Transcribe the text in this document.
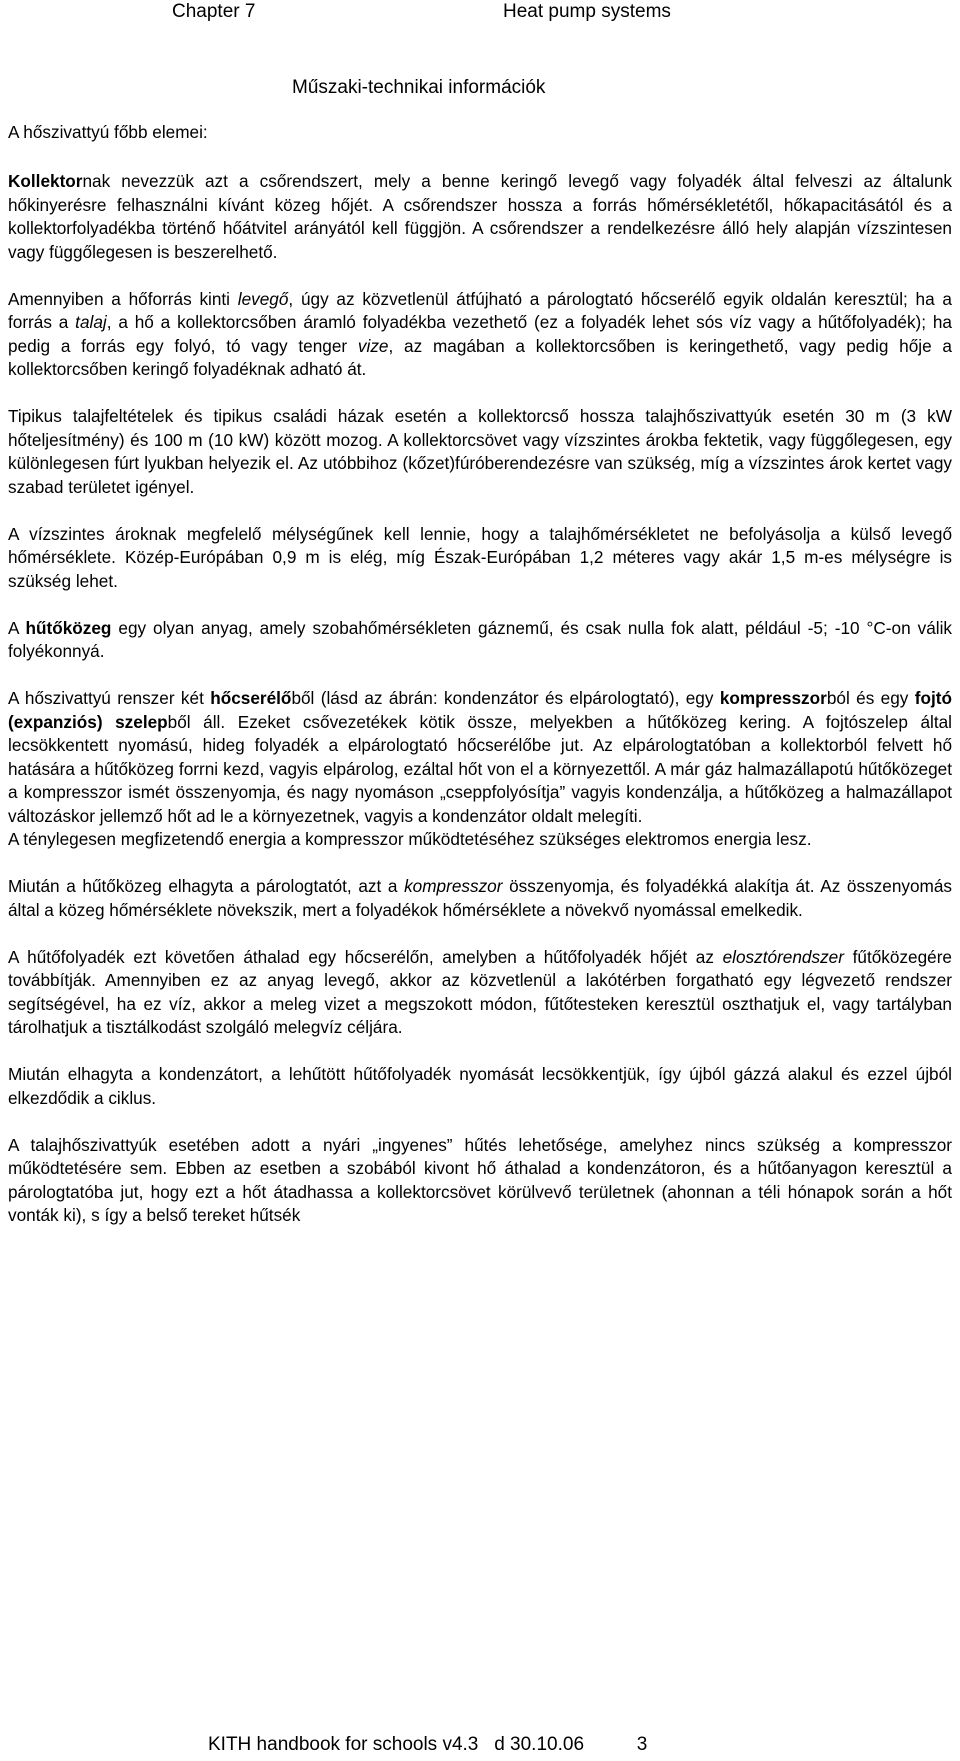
Chapter 7	Heat pump systems
Műszaki-technikai információk
A hőszivattyú főbb elemei:

Kollektornak nevezzük azt a csőrendszert, mely a benne keringő levegő vagy folyadék által felveszi az általunk hőkinyerésre felhasználni kívánt közeg hőjét. A csőrendszer hossza a forrás hőmérsékletétől, hőkapacitásától és a kollektorfolyadékba történő hőátvitel arányától kell függjön. A csőrendszer a rendelkezésre álló hely alapján vízszintesen vagy függőlegesen is beszerelhető.

Amennyiben a hőforrás kinti levegő, úgy az közvetlenül átfújható a párologtató hőcserélő egyik oldalán keresztül; ha a forrás a talaj, a hő a kollektorcsőben áramló folyadékba vezethető (ez a folyadék lehet sós víz vagy a hűtőfolyadék); ha pedig a forrás egy folyó, tó vagy tenger vize, az magában a kollektorcsőben is keringethető, vagy pedig hője a kollektorcsőben keringő folyadéknak adható át.

Tipikus talajfeltételek és tipikus családi házak esetén a kollektorcső hossza talajhőszivattyúk esetén 30 m (3 kW hőteljesítmény) és 100 m (10 kW) között mozog. A kollektorcsövet vagy vízszintes árokba fektetik, vagy függőlegesen, egy különlegesen fúrt lyukban helyezik el. Az utóbbihoz (kőzet)fúróberendezésre van szükség, míg a vízszintes árok kertet vagy szabad területet igényel.

A vízszintes ároknak megfelelő mélységűnek kell lennie, hogy a talajhőmérsékletet ne befolyásolja a külső levegő hőmérséklete. Közép-Európában 0,9 m is elég, míg Észak-Európában 1,2 méteres vagy akár 1,5 m-es mélységre is szükség lehet.

A hűtőközeg egy olyan anyag, amely szobahőmérsékleten gáznemű, és csak nulla fok alatt, például -5; -10 °C-on válik folyékonnyá.

A hőszivattyú renszer két hőcserélőből (lásd az ábrán: kondenzátor és elpárologtató), egy kompresszorból és egy fojtó (expanziós) szelepből áll. Ezeket csővezetékek kötik össze, melyekben a hűtőközeg kering. A fojtószelep által lecsökkentett nyomású, hideg folyadék a elpárologtató hőcserélőbe jut. Az elpárologtatóban a kollektorból felvett hő hatására a hűtőközeg forrni kezd, vagyis elpárolog, ezáltal hőt von el a környezettől. A már gáz halmazállapotú hűtőközeget a kompresszor ismét összenyomja, és nagy nyomáson „cseppfolyósítja” vagyis kondenzálja, a hűtőközeg a halmazállapot változáskor jellemző hőt ad le a környezetnek, vagyis a kondenzátor oldalt melegíti.

A ténylegesen megfizetendő energia a kompresszor működtetéséhez szükséges elektromos energia lesz.

Miután a hűtőközeg elhagyta a párologtatót, azt a kompresszor összenyomja, és folyadékká alakítja át. Az összenyomás által a közeg hőmérséklete növekszik, mert a folyadékok hőmérséklete a növekvő nyomással emelkedik.

A hűtőfolyadék ezt követően áthalad egy hőcserélőn, amelyben a hűtőfolyadék hőjét az elosztórendszer fűtőközegére továbbítják. Amennyiben ez az anyag levegő, akkor az közvetlenül a lakótérben forgatható egy légvezető rendszer segítségével, ha ez víz, akkor a meleg vizet a megszokott módon, fűtőtesteken keresztül oszthatjuk el, vagy tartályban tárolhatjuk a tisztálkodást szolgáló melegvíz céljára.

Miután elhagyta a kondenzátort, a lehűtött hűtőfolyadék nyomását lecsökkentjük, így újból gázzá alakul és ezzel újból elkezdődik a ciklus.

A talajhőszivattyúk esetében adott a nyári „ingyenes” hűtés lehetősége, amelyhez nincs szükség a kompresszor működtetésére sem. Ebben az esetben a szobából kivont hő áthalad a kondenzátoron, és a hűtőanyagon keresztül a párologtatóba jut, hogy ezt a hőt átadhassa a kollektorcsövet körülvevő területnek (ahonnan a téli hónapok során a hőt vonták ki), s így a belső tereket hűtsék

KITH handbook for schools v4.3   d 30.10.06          3
